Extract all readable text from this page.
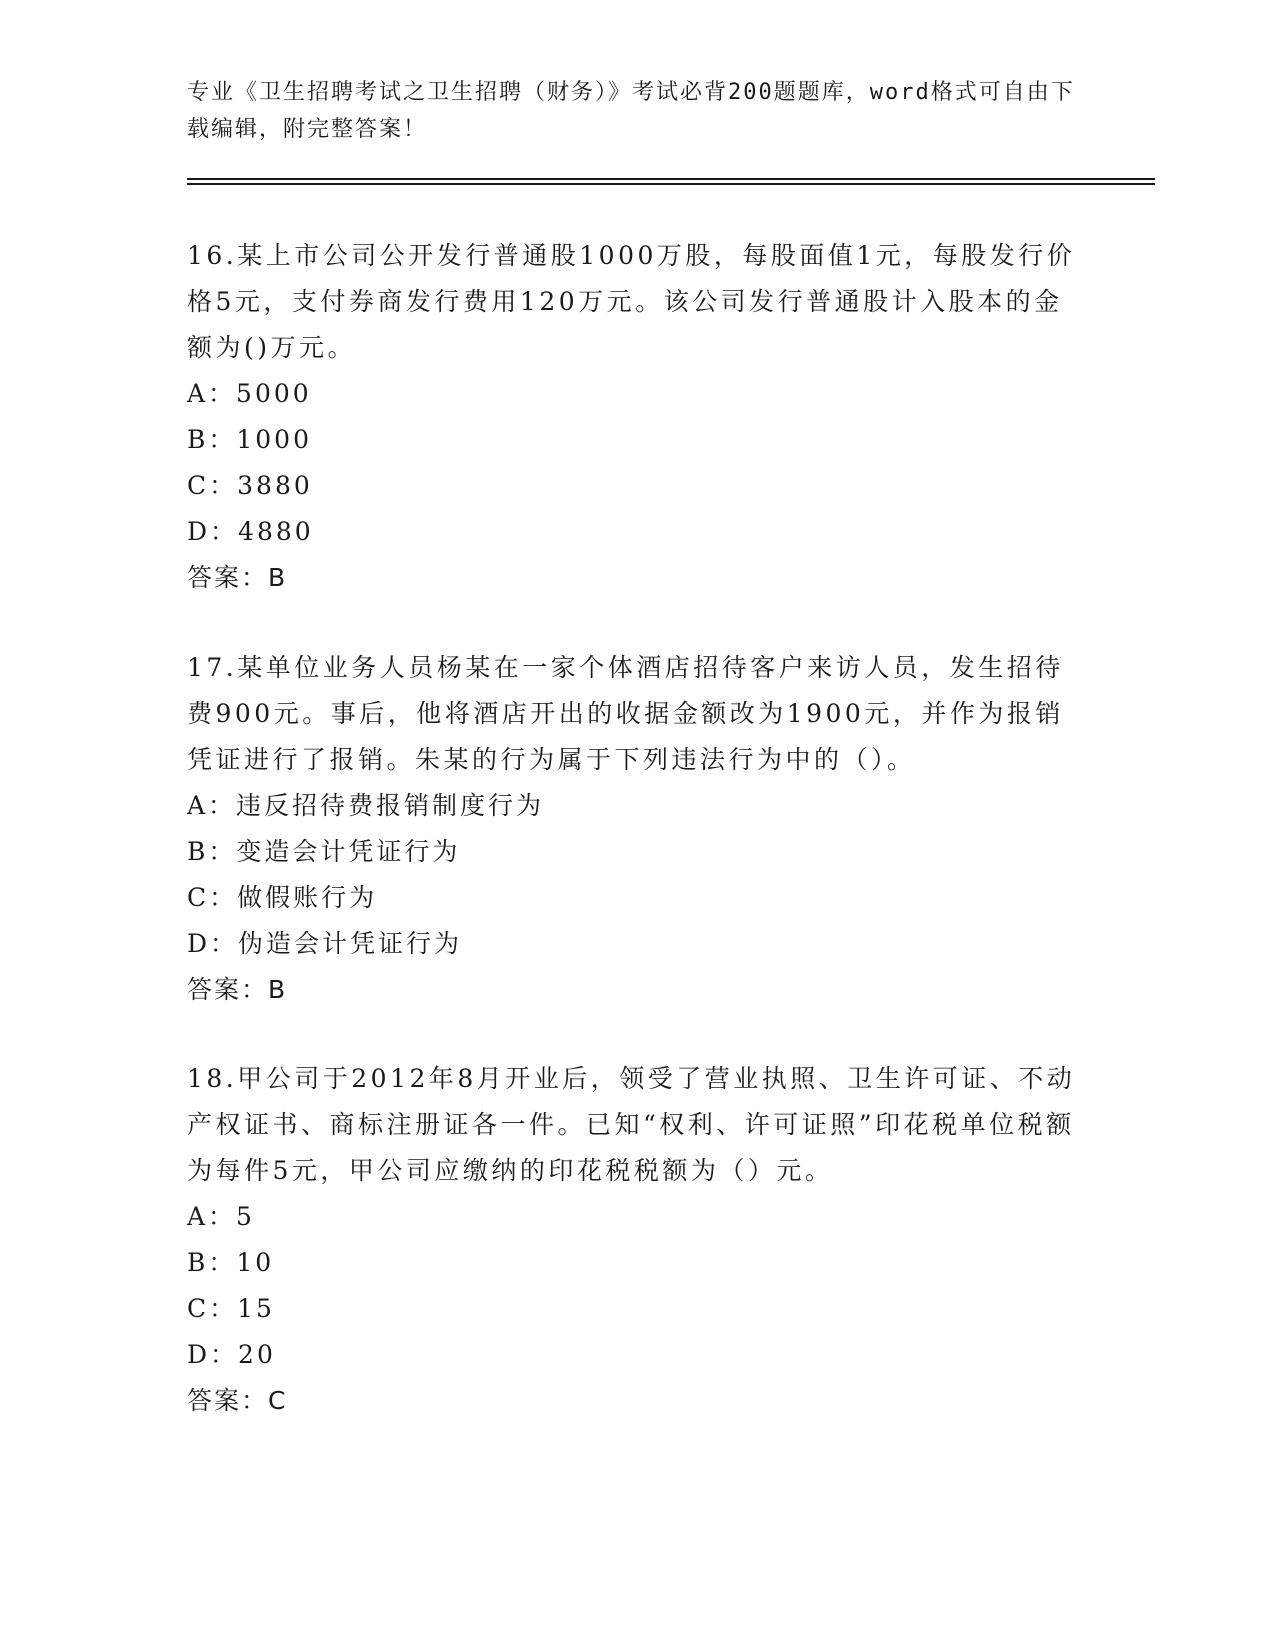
专业《卫生招聘考试之卫生招聘（财务）》考试必背200题题库，word格式可自由下载编辑，附完整答案！

16.某上市公司公开发行普通股1000万股，每股面值1元，每股发行价格5元，支付券商发行费用120万元。该公司发行普通股计入股本的金额为()万元。

A：5000

B：1000

C：3880

D：4880

答案：B

17.某单位业务人员杨某在一家个体酒店招待客户来访人员，发生招待费900元。事后，他将酒店开出的收据金额改为1900元，并作为报销凭证进行了报销。朱某的行为属于下列违法行为中的（）。

A：违反招待费报销制度行为

B：变造会计凭证行为

C：做假账行为

D：伪造会计凭证行为

答案：B

18.甲公司于2012年8月开业后，领受了营业执照、卫生许可证、不动产权证书、商标注册证各一件。已知“权利、许可证照”印花税单位税额为每件5元，甲公司应缴纳的印花税税额为（）元。

A：5

B：10

C：15

D：20

答案：C
